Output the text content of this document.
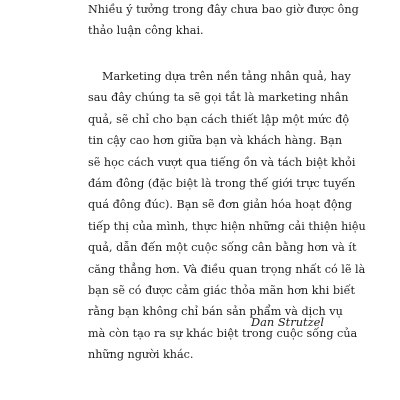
Nhiều ý tưởng trong đây chưa bao giờ được ông
thảo luận công khai.

Marketing dựa trên nền tảng nhân quả, hay
sau đây chúng ta sẽ gọi tắt là marketing nhân
quả, sẽ chỉ cho bạn cách thiết lập một mức độ
tin cậy cao hơn giữa bạn và khách hàng. Bạn
sẽ học cách vượt qua tiếng ồn và tách biệt khỏi
đám đông (đặc biệt là trong thế giới trực tuyến
quá đông đúc). Bạn sẽ đơn giản hóa hoạt động
tiếp thị của mình, thực hiện những cải thiện hiệu
quả, dẫn đến một cuộc sống cân bằng hơn và ít
căng thẳng hơn. Và điều quan trọng nhất có lẽ là
bạn sẽ có được cảm giác thỏa mãn hơn khi biết
rằng bạn không chỉ bán sản phẩm và dịch vụ
mà còn tạo ra sự khác biệt trong cuộc sống của
những người khác.

Dan Strutzel
